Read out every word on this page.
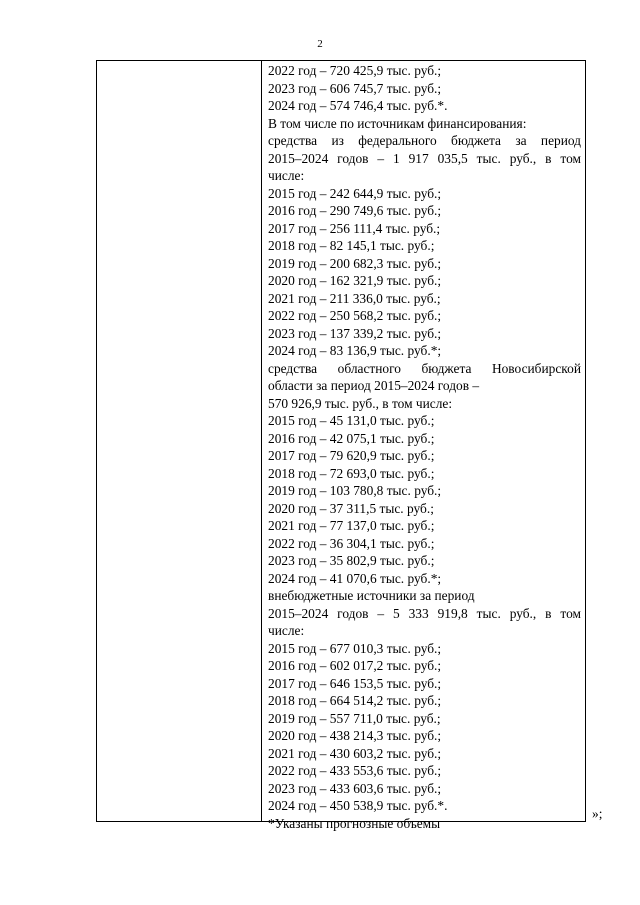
2
2022 год – 720 425,9 тыс. руб.;
2023 год – 606 745,7 тыс. руб.;
2024 год – 574 746,4 тыс. руб.*.
В том числе по источникам финансирования:
средства из федерального бюджета за период
2015–2024 годов – 1 917 035,5 тыс. руб., в том
числе:
2015 год – 242 644,9 тыс. руб.;
2016 год – 290 749,6 тыс. руб.;
2017 год – 256 111,4 тыс. руб.;
2018 год – 82 145,1 тыс. руб.;
2019 год – 200 682,3 тыс. руб.;
2020 год – 162 321,9 тыс. руб.;
2021 год – 211 336,0 тыс. руб.;
2022 год – 250 568,2 тыс. руб.;
2023 год – 137 339,2 тыс. руб.;
2024 год – 83 136,9 тыс. руб.*;
средства областного бюджета Новосибирской
области за период 2015–2024 годов –
570 926,9 тыс. руб., в том числе:
2015 год – 45 131,0 тыс. руб.;
2016 год – 42 075,1 тыс. руб.;
2017 год – 79 620,9 тыс. руб.;
2018 год – 72 693,0 тыс. руб.;
2019 год – 103 780,8 тыс. руб.;
2020 год – 37 311,5 тыс. руб.;
2021 год – 77 137,0 тыс. руб.;
2022 год – 36 304,1 тыс. руб.;
2023 год – 35 802,9 тыс. руб.;
2024 год – 41 070,6 тыс. руб.*;
внебюджетные источники за период
2015–2024 годов – 5 333 919,8 тыс. руб., в том
числе:
2015 год – 677 010,3 тыс. руб.;
2016 год – 602 017,2 тыс. руб.;
2017 год – 646 153,5 тыс. руб.;
2018 год – 664 514,2 тыс. руб.;
2019 год – 557 711,0 тыс. руб.;
2020 год – 438 214,3 тыс. руб.;
2021 год – 430 603,2 тыс. руб.;
2022 год – 433 553,6 тыс. руб.;
2023 год – 433 603,6 тыс. руб.;
2024 год – 450 538,9 тыс. руб.*.
*Указаны прогнозные объемы
»;
